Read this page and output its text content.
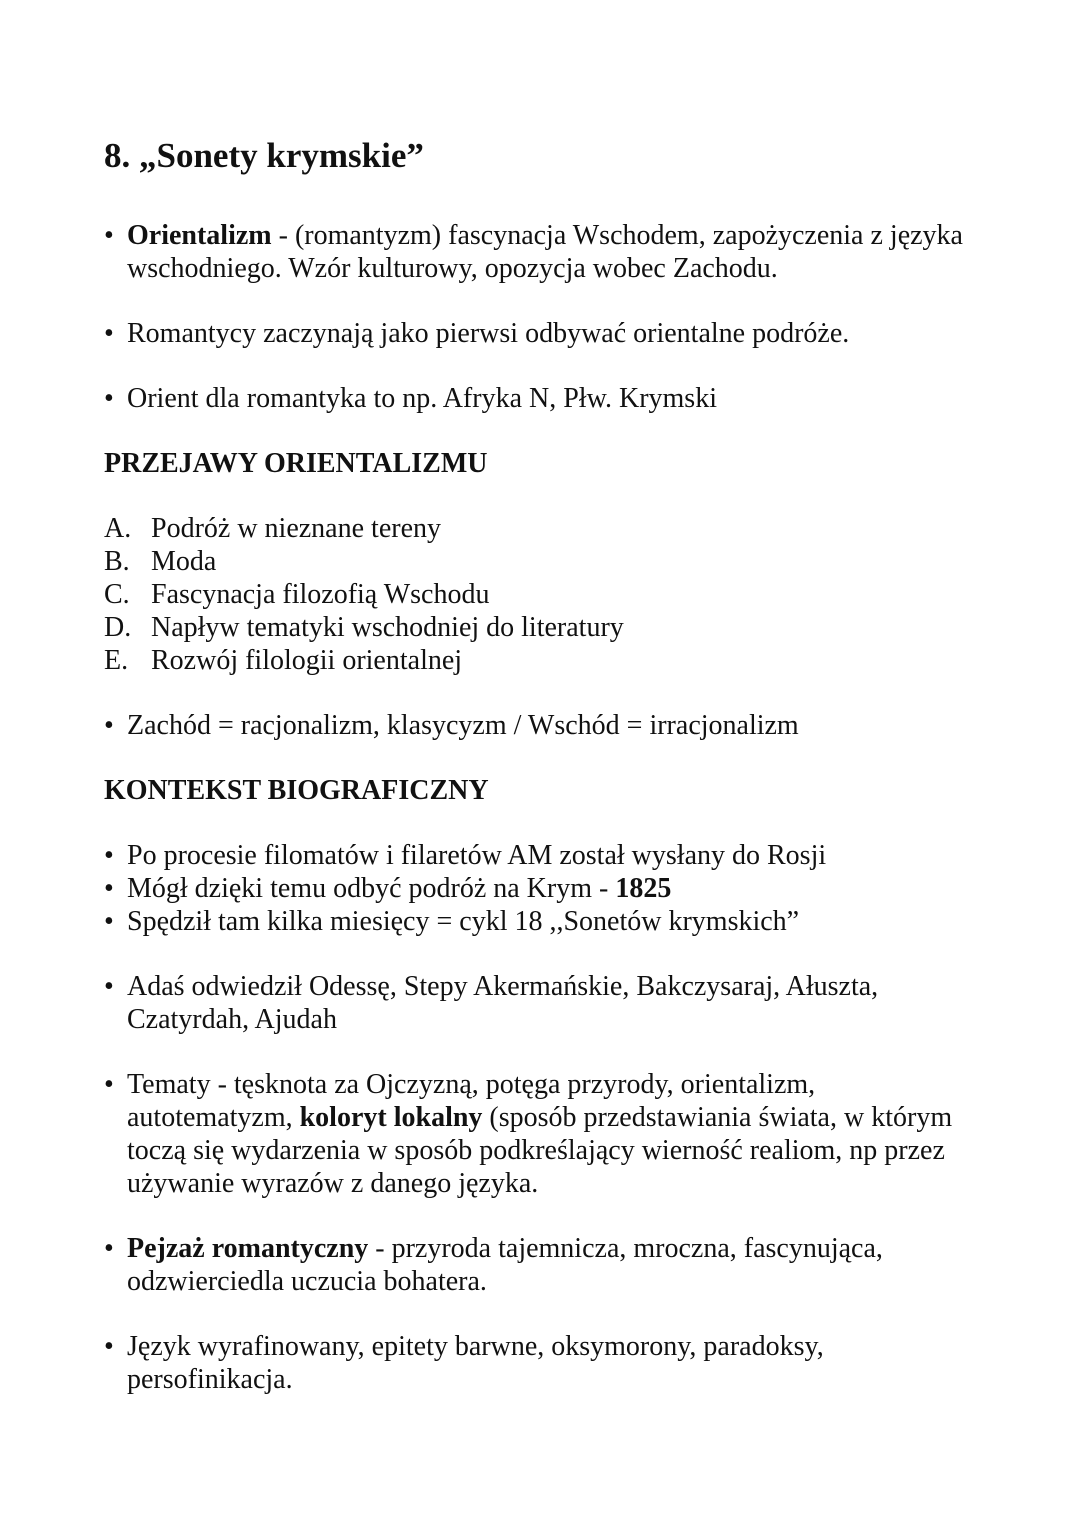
8. „Sonety krymskie”

• Orientalizm - (romantyzm) fascynacja Wschodem, zapożyczenia z języka wschodniego. Wzór kulturowy, opozycja wobec Zachodu.

• Romantycy zaczynają jako pierwsi odbywać orientalne podróże.

• Orient dla romantyka to np. Afryka N, Płw. Krymski

PRZEJAWY ORIENTALIZMU

A. Podróż w nieznane tereny

B. Moda

C. Fascynacja filozofią Wschodu

D. Napływ tematyki wschodniej do literatury

E. Rozwój filologii orientalnej

• Zachód = racjonalizm, klasycyzm / Wschód = irracjonalizm

KONTEKST BIOGRAFICZNY

• Po procesie filomatów i filaretów AM został wysłany do Rosji

• Mógł dzięki temu odbyć podróż na Krym - 1825

• Spędził tam kilka miesięcy = cykl 18 ,,Sonetów krymskich”

• Adaś odwiedził Odessę, Stepy Akermańskie, Bakczysaraj, Ałuszta, Czatyrdah, Ajudah

• Tematy - tęsknota za Ojczyzną, potęga przyrody, orientalizm, autotematyzm, koloryt lokalny (sposób przedstawiania świata, w którym toczą się wydarzenia w sposób podkreślający wierność realiom, np przez używanie wyrazów z danego języka.

• Pejzaż romantyczny - przyroda tajemnicza, mroczna, fascynująca, odzwierciedla uczucia bohatera.

• Język wyrafinowany, epitety barwne, oksymorony, paradoksy, persofinikacja.
